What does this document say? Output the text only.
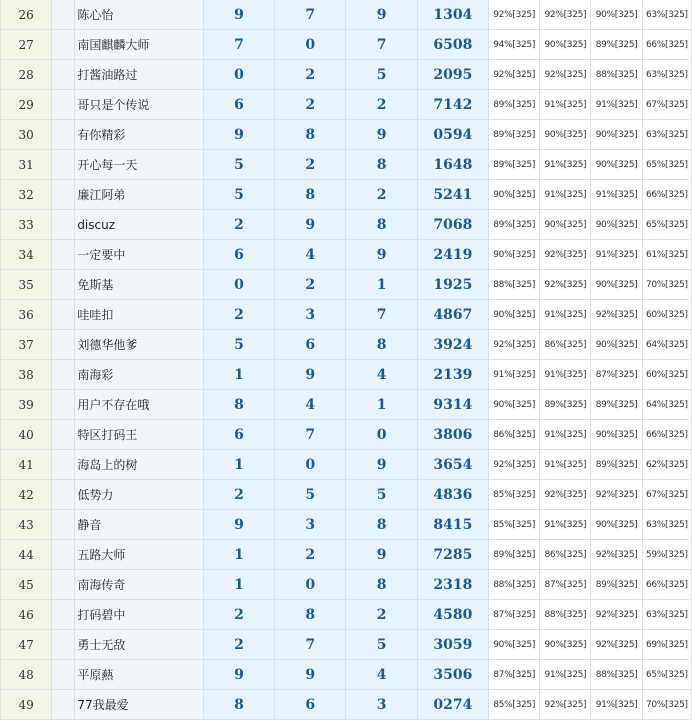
26		陈心怡	9	7	9	1304	92%[325]	92%[325]	90%[325]	63%[325]
27		南国麒麟大师	7	0	7	6508	94%[325]	90%[325]	89%[325]	66%[325]
28		打酱油路过	0	2	5	2095	92%[325]	92%[325]	88%[325]	63%[325]
29		哥只是个传说	6	2	2	7142	89%[325]	91%[325]	91%[325]	67%[325]
30		有你精彩	9	8	9	0594	89%[325]	90%[325]	90%[325]	63%[325]
31		开心每一天	5	2	8	1648	89%[325]	91%[325]	90%[325]	65%[325]
32		廉江阿弟	5	8	2	5241	90%[325]	91%[325]	91%[325]	66%[325]
33		discuz	2	9	8	7068	89%[325]	90%[325]	90%[325]	65%[325]
34		一定要中	6	4	9	2419	90%[325]	92%[325]	91%[325]	61%[325]
35		免斯基	0	2	1	1925	88%[325]	92%[325]	90%[325]	70%[325]
36		哇哇扣	2	3	7	4867	90%[325]	91%[325]	92%[325]	60%[325]
37		刘德华他爹	5	6	8	3924	92%[325]	86%[325]	90%[325]	64%[325]
38		南海彩	1	9	4	2139	91%[325]	91%[325]	87%[325]	60%[325]
39		用户不存在哦	8	4	1	9314	90%[325]	89%[325]	89%[325]	64%[325]
40		特区打码王	6	7	0	3806	86%[325]	91%[325]	90%[325]	66%[325]
41		海岛上的树	1	0	9	3654	92%[325]	91%[325]	89%[325]	62%[325]
42		低势力	2	5	5	4836	85%[325]	92%[325]	92%[325]	67%[325]
43		静音	9	3	8	8415	85%[325]	91%[325]	90%[325]	63%[325]
44		五路大师	1	2	9	7285	89%[325]	86%[325]	92%[325]	59%[325]
45		南海传奇	1	0	8	2318	88%[325]	87%[325]	89%[325]	66%[325]
46		打码碧中	2	8	2	4580	87%[325]	88%[325]	92%[325]	63%[325]
47		勇士无敌	2	7	5	3059	90%[325]	90%[325]	92%[325]	69%[325]
48		平原爇	9	9	4	3506	87%[325]	91%[325]	88%[325]	65%[325]
49		77我最爱	8	6	3	0274	85%[325]	92%[325]	91%[325]	70%[325]
